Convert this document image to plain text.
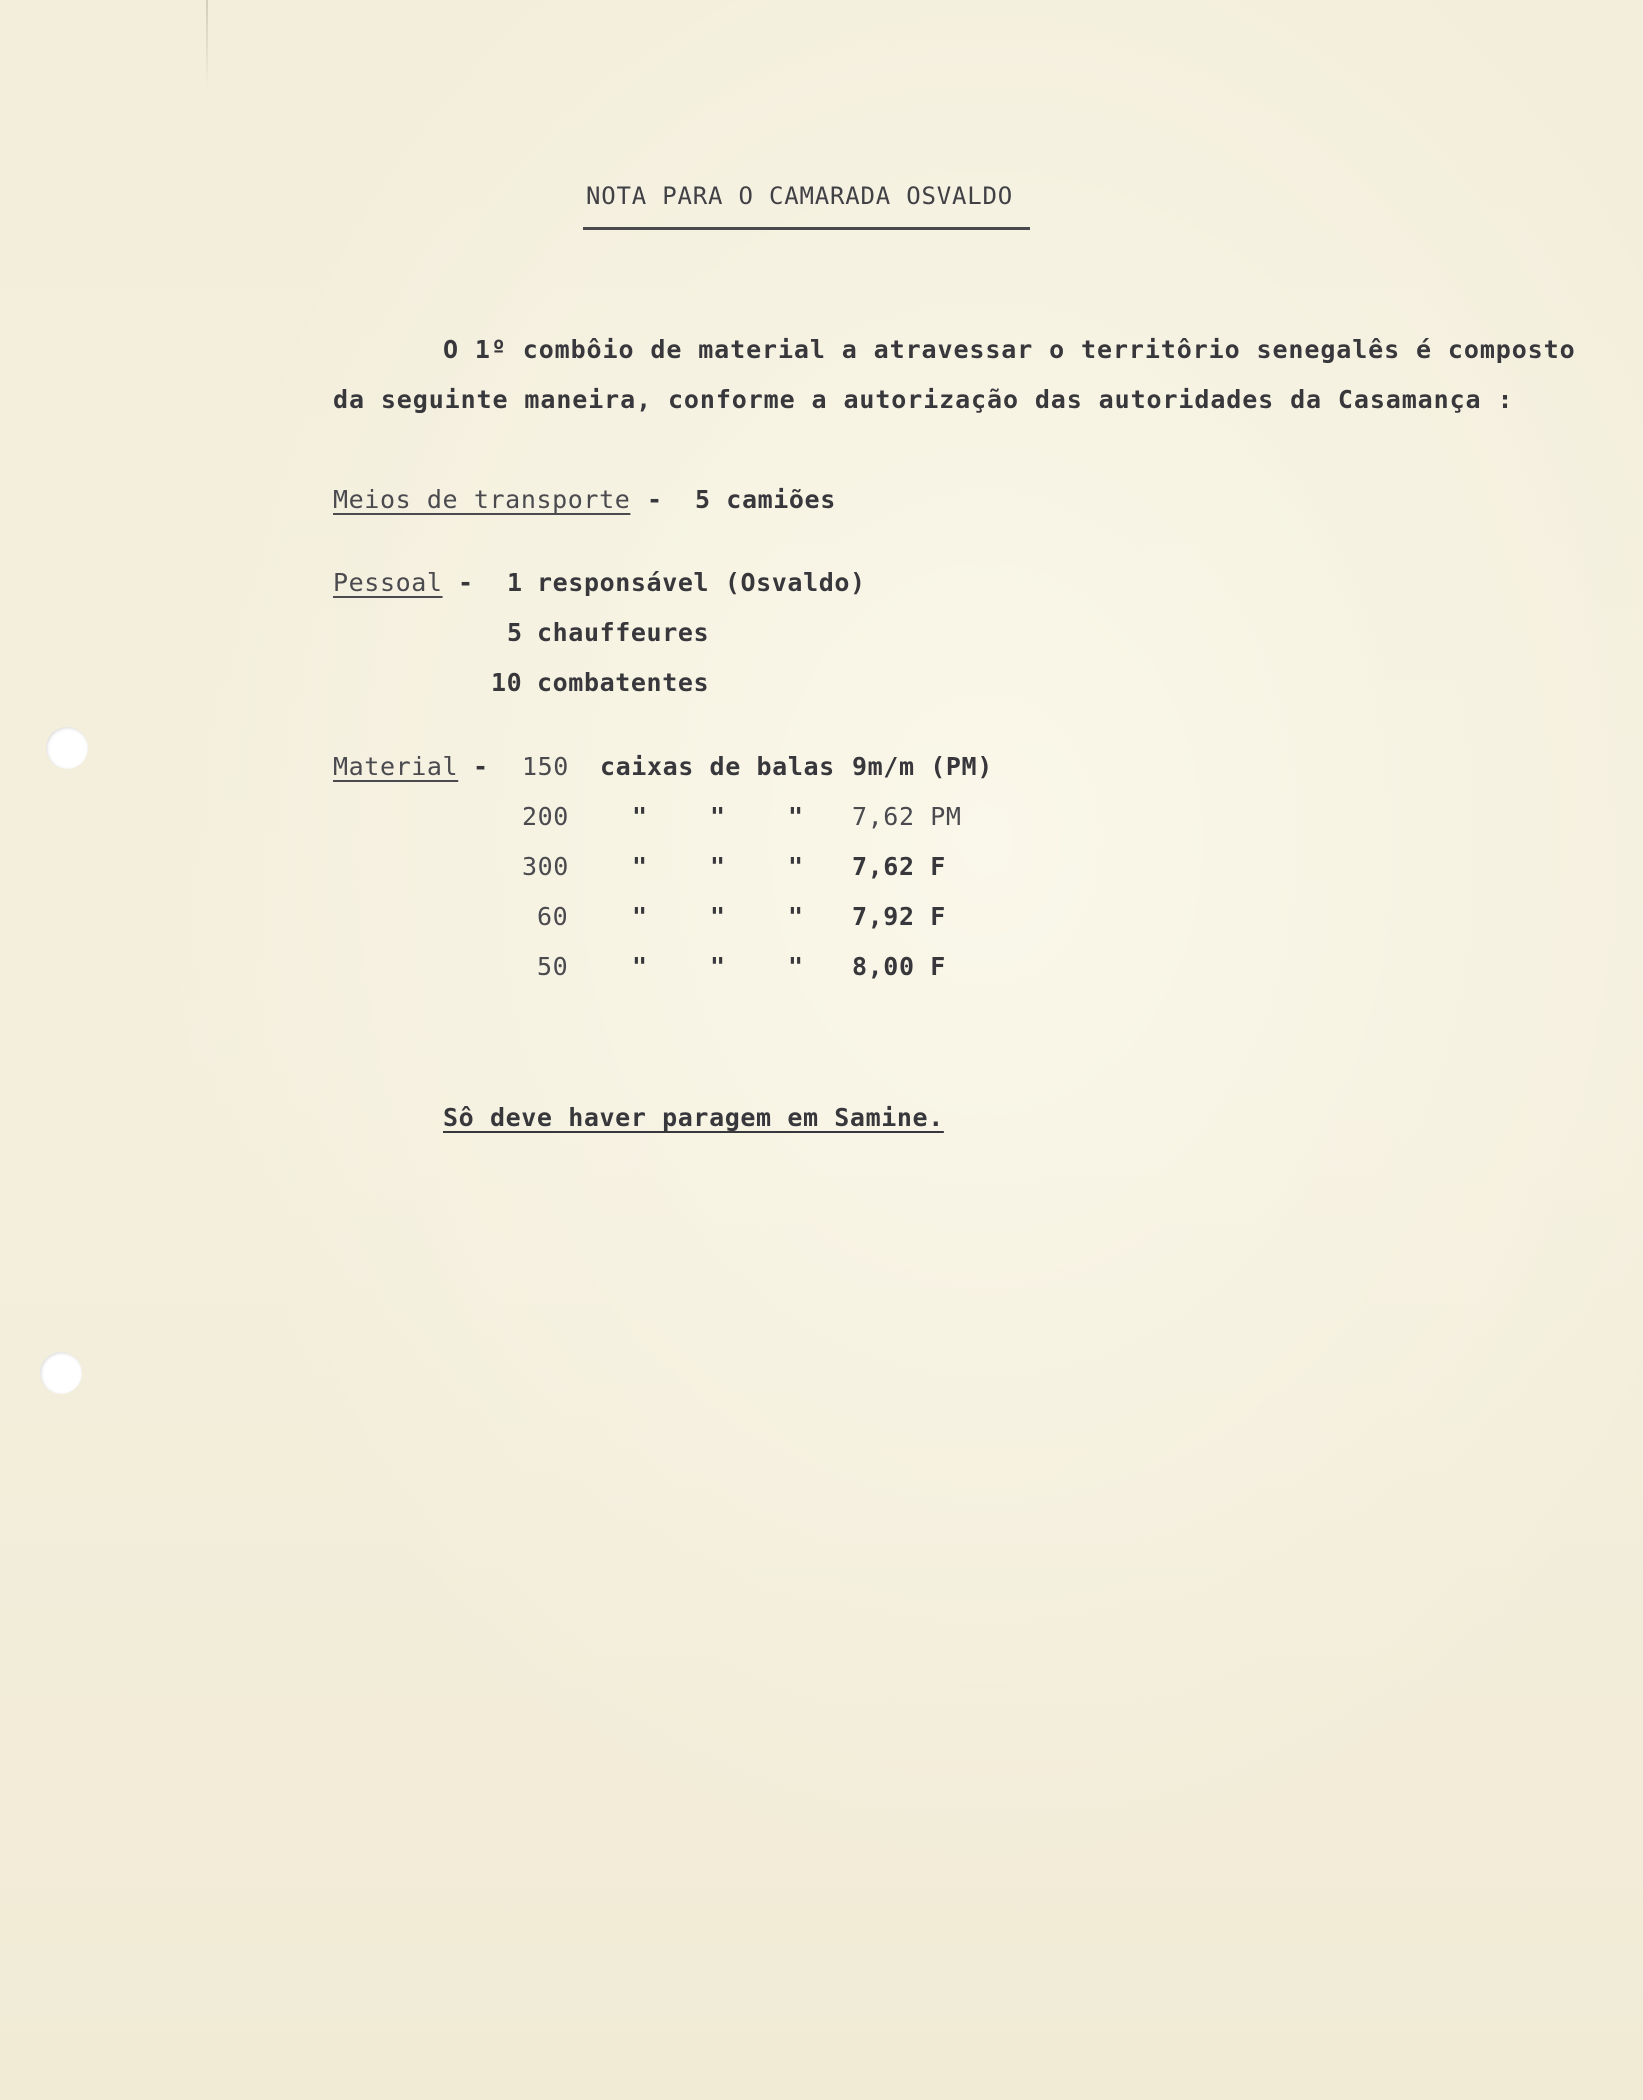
NOTA PARA O CAMARADA OSVALDO
O 1º combôio de material a atravessar o territôrio senegalês é composto
da seguinte maneira, conforme a autorização das autoridades da Casamança :
Meios de transporte - 5 camiões
Pessoal - 1 responsável (Osvaldo)
5 chauffeures
10 combatentes
Material - 150 caixas de balas 9m/m (PM)
200	" " " 7,62 PM
300	" " " 7,62 F
60	" " " 7,92 F
50	" " " 8,00 F
Sô deve haver paragem em Samine.
